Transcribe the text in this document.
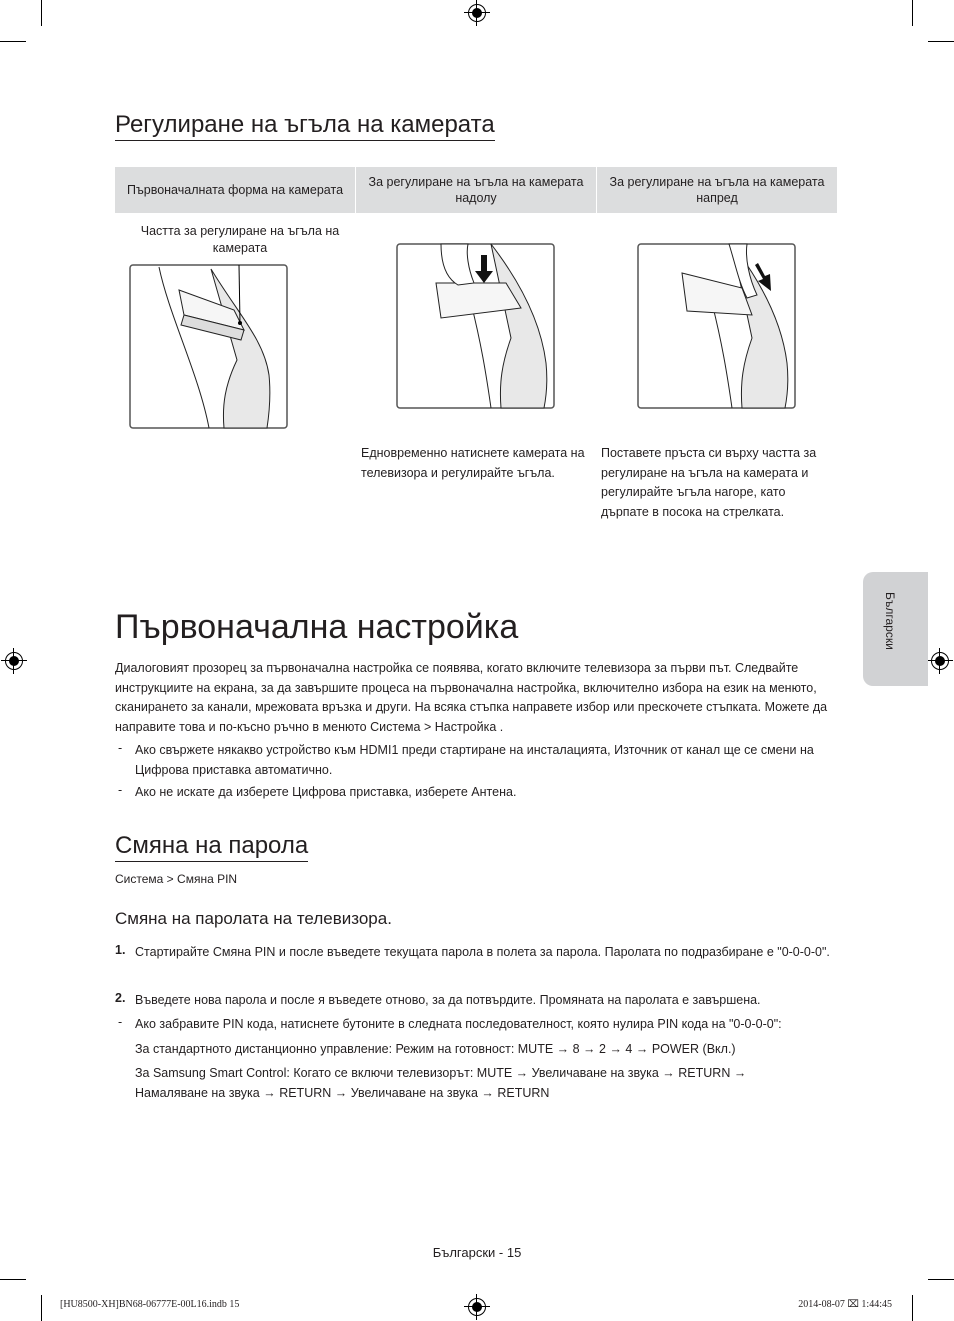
Регулиране на ъгъла на камерата
Първоначалната форма на камерата
За регулиране на ъгъла на камерата надолу
За регулиране на ъгъла на камерата напред
Частта за регулиране на ъгъла на камерата
Едновременно натиснете камерата на телевизора и регулирайте ъгъла.
Поставете пръста си върху частта за регулиране на ъгъла на камерата и регулирайте ъгъла нагоре, като дърпате в посока на стрелката.
Български
Първоначална настройка
Диалоговият прозорец за първоначална настройка се появява, когато включите телевизора за първи път. Следвайте инструкциите на екрана, за да завършите процеса на първоначална настройка, включително избора на език на менюто, сканирането за канали, мрежовата връзка и други. На всяка стъпка направете избор или прескочете стъпката. Можете да направите това и по-късно ръчно в менюто Система > Настройка .
- Ако свържете някакво устройство към HDMI1 преди стартиране на инсталацията, Източник от канал ще се смени на Цифрова приставка автоматично.
- Ако не искате да изберете Цифрова приставка, изберете Антена.
Смяна на парола
Система > Смяна PIN
Смяна на паролата на телевизора.
1. Стартирайте Смяна PIN и после въведете текущата парола в полета за парола. Паролата по подразбиране е "0-0-0-0".
2. Въведете нова парола и после я въведете отново, за да потвърдите. Промяната на паролата е завършена.
- Ако забравите PIN кода, натиснете бутоните в следната последователност, която нулира PIN кода на "0-0-0-0":
За стандартното дистанционно управление: Режим на готовност: MUTE → 8 → 2 → 4 → POWER (Вкл.)
За Samsung Smart Control: Когато се включи телевизорът: MUTE → Увеличаване на звука → RETURN →
Намаляване на звука → RETURN → Увеличаване на звука → RETURN
Български - 15
[HU8500-XH]BN68-06777E-00L16.indb 15	2014-08-07 ⌧ 1:44:45
